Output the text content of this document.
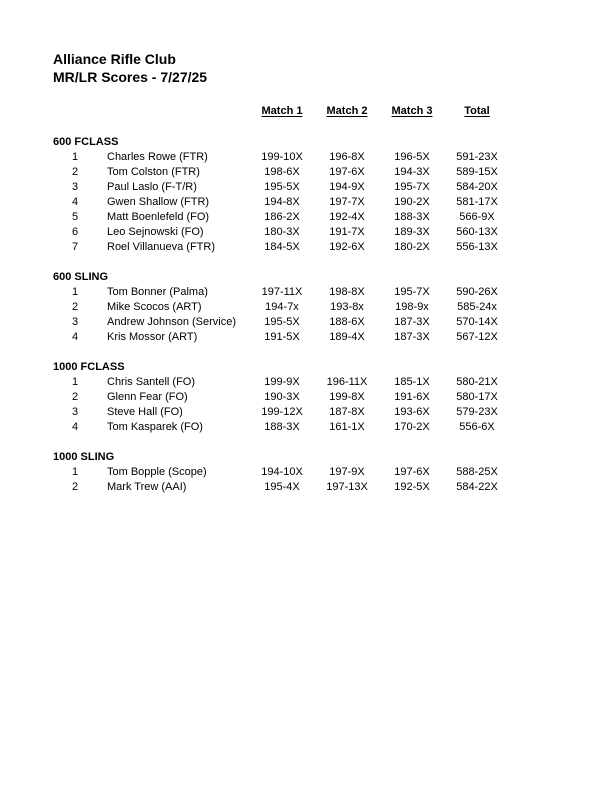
Alliance Rifle Club
MR/LR Scores - 7/27/25
Match 1	Match 2	Match 3	Total
600 FCLASS
1	Charles Rowe (FTR)	199-10X	196-8X	196-5X	591-23X
2	Tom Colston (FTR)	198-6X	197-6X	194-3X	589-15X
3	Paul Laslo (F-T/R)	195-5X	194-9X	195-7X	584-20X
4	Gwen Shallow (FTR)	194-8X	197-7X	190-2X	581-17X
5	Matt Boenlefeld (FO)	186-2X	192-4X	188-3X	566-9X
6	Leo Sejnowski (FO)	180-3X	191-7X	189-3X	560-13X
7	Roel Villanueva (FTR)	184-5X	192-6X	180-2X	556-13X
600 SLING
1	Tom Bonner (Palma)	197-11X	198-8X	195-7X	590-26X
2	Mike Scocos (ART)	194-7x	193-8x	198-9x	585-24x
3	Andrew Johnson (Service)	195-5X	188-6X	187-3X	570-14X
4	Kris Mossor (ART)	191-5X	189-4X	187-3X	567-12X
1000 FCLASS
1	Chris Santell (FO)	199-9X	196-11X	185-1X	580-21X
2	Glenn Fear (FO)	190-3X	199-8X	191-6X	580-17X
3	Steve Hall (FO)	199-12X	187-8X	193-6X	579-23X
4	Tom Kasparek (FO)	188-3X	161-1X	170-2X	556-6X
1000 SLING
1	Tom Bopple (Scope)	194-10X	197-9X	197-6X	588-25X
2	Mark Trew (AAI)	195-4X	197-13X	192-5X	584-22X
